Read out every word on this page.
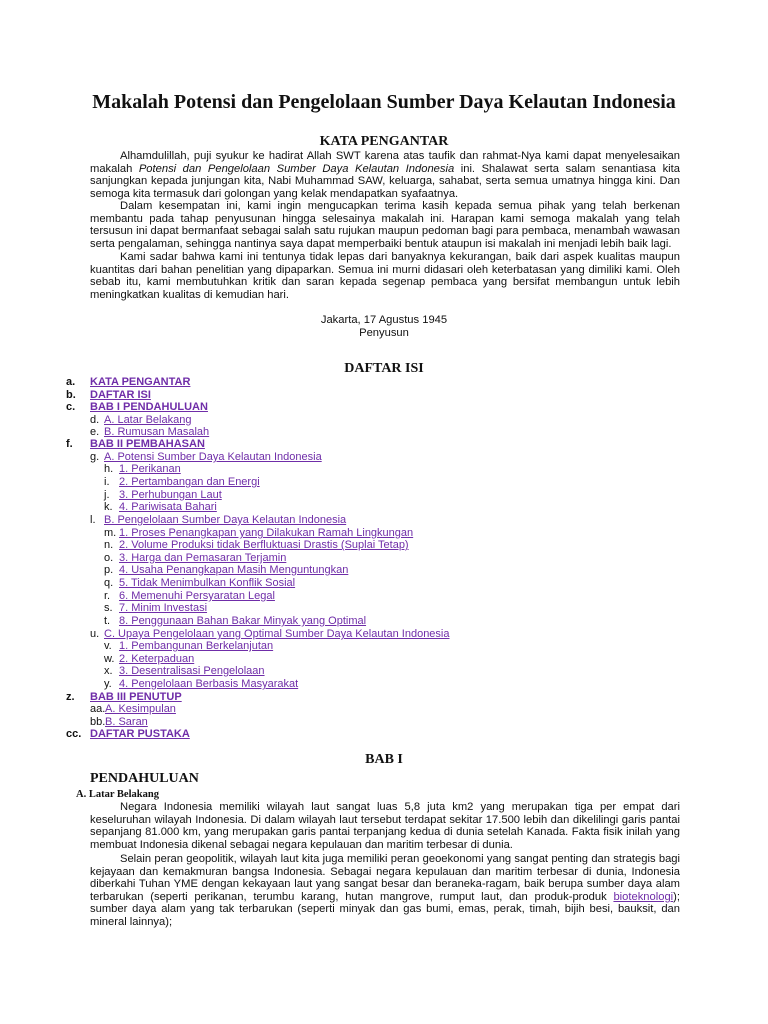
Makalah Potensi dan Pengelolaan Sumber Daya Kelautan Indonesia
KATA PENGANTAR
Alhamdulillah, puji syukur ke hadirat Allah SWT karena atas taufik dan rahmat-Nya kami dapat menyelesaikan makalah Potensi dan Pengelolaan Sumber Daya Kelautan Indonesia ini. Shalawat serta salam senantiasa kita sanjungkan kepada junjungan kita, Nabi Muhammad SAW, keluarga, sahabat, serta semua umatnya hingga kini. Dan semoga kita termasuk dari golongan yang kelak mendapatkan syafaatnya.
Dalam kesempatan ini, kami ingin mengucapkan terima kasih kepada semua pihak yang telah berkenan membantu pada tahap penyusunan hingga selesainya makalah ini. Harapan kami semoga makalah yang telah tersusun ini dapat bermanfaat sebagai salah satu rujukan maupun pedoman bagi para pembaca, menambah wawasan serta pengalaman, sehingga nantinya saya dapat memperbaiki bentuk ataupun isi makalah ini menjadi lebih baik lagi.
Kami sadar bahwa kami ini tentunya tidak lepas dari banyaknya kekurangan, baik dari aspek kualitas maupun kuantitas dari bahan penelitian yang dipaparkan. Semua ini murni didasari oleh keterbatasan yang dimiliki kami. Oleh sebab itu, kami membutuhkan kritik dan saran kepada segenap pembaca yang bersifat membangun untuk lebih meningkatkan kualitas di kemudian hari.
Jakarta, 17 Agustus 1945
Penyusun
DAFTAR ISI
a. KATA PENGANTAR
b. DAFTAR ISI
c. BAB I PENDAHULUAN
d. A. Latar Belakang
e. B. Rumusan Masalah
f. BAB II PEMBAHASAN
g. A. Potensi Sumber Daya Kelautan Indonesia
h. 1. Perikanan
i. 2. Pertambangan dan Energi
j. 3. Perhubungan Laut
k. 4. Pariwisata Bahari
l. B. Pengelolaan Sumber Daya Kelautan Indonesia
m. 1. Proses Penangkapan yang Dilakukan Ramah Lingkungan
n. 2. Volume Produksi tidak Berfluktuasi Drastis (Suplai Tetap)
o. 3. Harga dan Pemasaran Terjamin
p. 4. Usaha Penangkapan Masih Menguntungkan
q. 5. Tidak Menimbulkan Konflik Sosial
r. 6. Memenuhi Persyaratan Legal
s. 7. Minim Investasi
t. 8. Penggunaan Bahan Bakar Minyak yang Optimal
u. C. Upaya Pengelolaan yang Optimal Sumber Daya Kelautan Indonesia
v. 1. Pembangunan Berkelanjutan
w. 2. Keterpaduan
x. 3. Desentralisasi Pengelolaan
y. 4. Pengelolaan Berbasis Masyarakat
z. BAB III PENUTUP
aa.A. Kesimpulan
bb.B. Saran
cc. DAFTAR PUSTAKA
BAB I
PENDAHULUAN
A. Latar Belakang
Negara Indonesia memiliki wilayah laut sangat luas 5,8 juta km2 yang merupakan tiga per empat dari keseluruhan wilayah Indonesia. Di dalam wilayah laut tersebut terdapat sekitar 17.500 lebih dan dikelilingi garis pantai sepanjang 81.000 km, yang merupakan garis pantai terpanjang kedua di dunia setelah Kanada. Fakta fisik inilah yang membuat Indonesia dikenal sebagai negara kepulauan dan maritim terbesar di dunia.
Selain peran geopolitik, wilayah laut kita juga memiliki peran geoekonomi yang sangat penting dan strategis bagi kejayaan dan kemakmuran bangsa Indonesia. Sebagai negara kepulauan dan maritim terbesar di dunia, Indonesia diberkahi Tuhan YME dengan kekayaan laut yang sangat besar dan beraneka-ragam, baik berupa sumber daya alam terbarukan (seperti perikanan, terumbu karang, hutan mangrove, rumput laut, dan produk-produk bioteknologi); sumber daya alam yang tak terbarukan (seperti minyak dan gas bumi, emas, perak, timah, bijih besi, bauksit, dan mineral lainnya);
